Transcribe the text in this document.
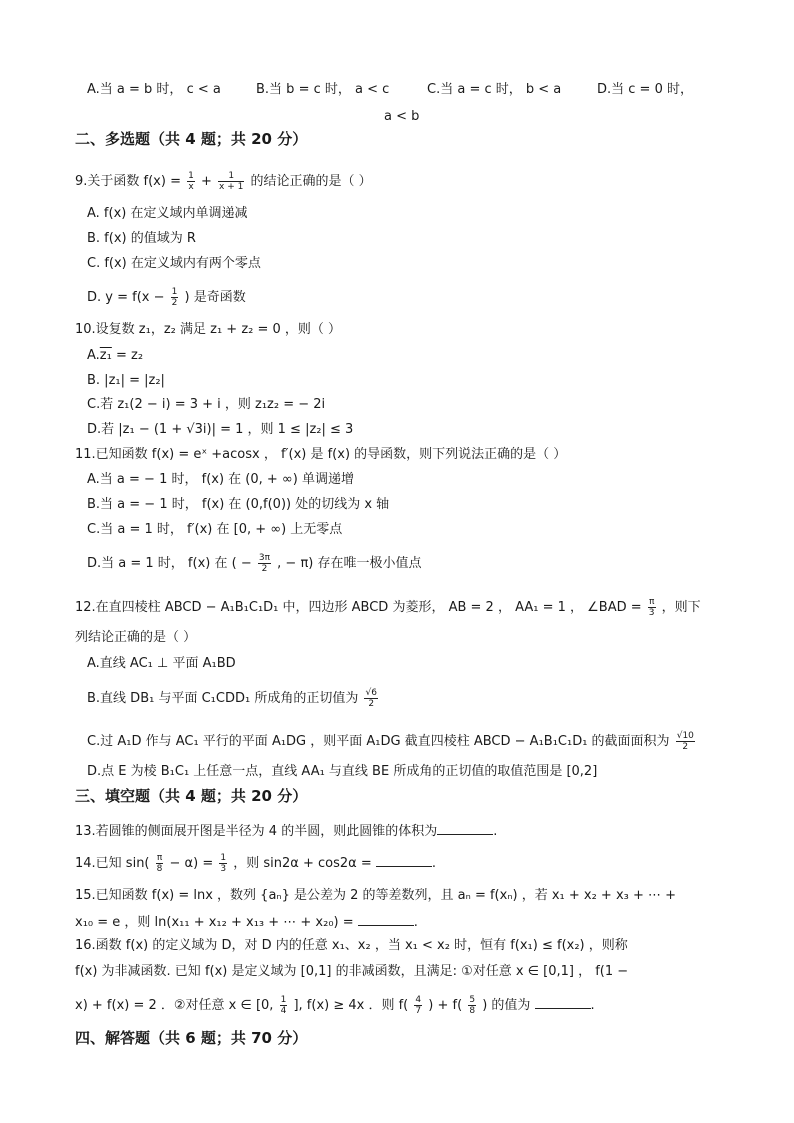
A.当 a = b 时， c < a	B.当 b = c 时， a < c	C.当 a = c 时， b < a	D.当 c = 0 时，
a < b
二、多选题（共 4 题；共 20 分）
9.关于函数 $f(x) = \frac{1}{x} + \frac{1}{x + 1}$ 的结论正确的是（ ）
A. f(x) 在定义域内单调递减
B. f(x) 的值域为 R
C. f(x) 在定义域内有两个零点
D. $y = f(x - \frac{1}{2}$ ) 是奇函数
10.设复数 z₁，z₂ 满足 z₁ + z₂ = 0 ，则（ ）
A.z₁ = z₂
B. |z₁| = |z₂|
C.若 z₁(2 − i) = 3 + i ，则 z₁z₂ = − 2i
D.若 |z₁ − (1 + √3i)| = 1 ，则 1 ≤ |z₂| ≤ 3
11.已知函数 f(x) = eˣ +acosx ， f′(x) 是 f(x) 的导函数，则下列说法正确的是（ ）
A.当 a = − 1 时， f(x) 在 (0, + ∞) 单调递增
B.当 a = − 1 时， f(x) 在 (0,f(0)) 处的切线为 x 轴
C.当 a = 1 时， f′(x) 在 [0, + ∞) 上无零点
D.当 a = 1 时， f(x) 在 ( − $\frac{3\pi}{2}$ , − π) 存在唯一极小值点
12.在直四棱柱 ABCD − A₁B₁C₁D₁ 中，四边形 ABCD 为菱形， AB = 2 ， AA₁ = 1 ， ∠BAD = $\frac{\pi}{3}$ ，则下
列结论正确的是（ ）
A.直线 AC₁ ⊥ 平面 A₁BD
B.直线 DB₁ 与平面 C₁CDD₁ 所成角的正切值为 $\frac{√6}{2}$
C.过 A₁D 作与 AC₁ 平行的平面 A₁DG ，则平面 A₁DG 截直四棱柱 ABCD − A₁B₁C₁D₁ 的截面面积为 $\frac{√10}{2}$
D.点 E 为棱 B₁C₁ 上任意一点，直线 AA₁ 与直线 BE 所成角的正切值的取值范围是 [0,2]
三、填空题（共 4 题；共 20 分）
13.若圆锥的侧面展开图是半径为 4 的半圆，则此圆锥的体积为	.
14.已知 $\sin( \frac{\pi}{8} - \alpha) = \frac{1}{3}$ ，则 sin2α + cos2α =	.
15.已知函数 f(x) = lnx ，数列 {aₙ} 是公差为 2 的等差数列，且 aₙ = f(xₙ) ，若 x₁ + x₂ + x₃ + ⋯ +
x₁₀ = e ，则 ln(x₁₁ + x₁₂ + x₁₃ + ⋯ + x₂₀) =	.
16.函数 f(x) 的定义域为 D，对 D 内的任意 x₁、x₂ ，当 x₁ < x₂ 时，恒有 f(x₁) ≤ f(x₂) ，则称
f(x) 为非减函数. 已知 f(x) 是定义域为 [0,1] 的非减函数，且满足: ①对任意 x ∈ [0,1] ， f(1 −
x) + f(x) = 2 ．②对任意 x ∈ [0, $\frac{1}{4}$ ], f(x) ≥ 4x ．则 $f( \frac{4}{7}$ ) + $f( \frac{5}{8}$ ) 的值为	.
四、解答题（共 6 题；共 70 分）
